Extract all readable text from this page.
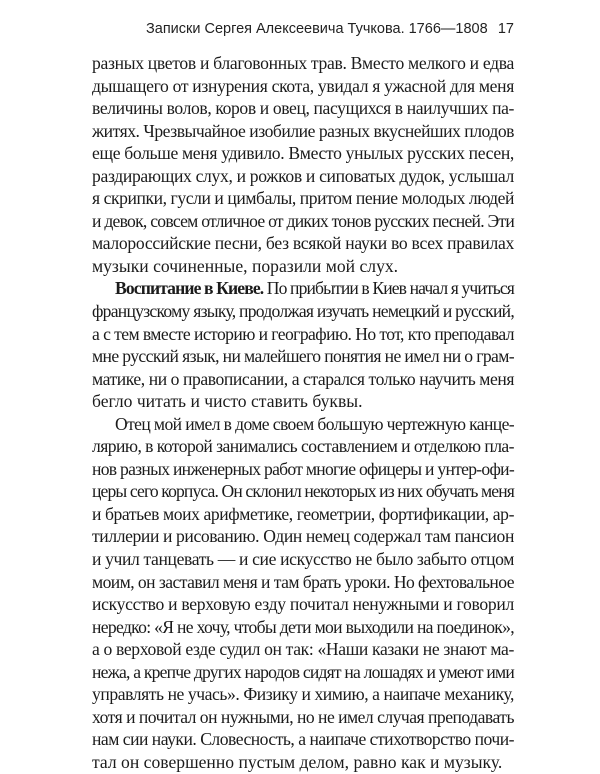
Записки Сергея Алексеевича Тучкова. 1766—1808 17
разных цветов и благовонных трав. Вместо мелкого и едва
дышащего от изнурения скота, увидал я ужасной для меня
величины волов, коров и овец, пасущихся в наилучших па-
житях. Чрезвычайное изобилие разных вкуснейших плодов
еще больше меня удивило. Вместо унылых русских песен,
раздирающих слух, и рожков и сиповатых дудок, услышал
я скрипки, гусли и цимбалы, притом пение молодых людей
и девок, совсем отличное от диких тонов русских песней. Эти
малороссийские песни, без всякой науки во всех правилах
музыки сочиненные, поразили мой слух.
Воспитание в Киеве. По прибытии в Киев начал я учиться
французскому языку, продолжая изучать немецкий и русский,
а с тем вместе историю и географию. Но тот, кто преподавал
мне русский язык, ни малейшего понятия не имел ни о грам-
матике, ни о правописании, а старался только научить меня
бегло читать и чисто ставить буквы.
Отец мой имел в доме своем большую чертежную канце-
лярию, в которой занимались составлением и отделкою пла-
нов разных инженерных работ многие офицеры и унтер-офи-
церы сего корпуса. Он склонил некоторых из них обучать меня
и братьев моих арифметике, геометрии, фортификации, ар-
тиллерии и рисованию. Один немец содержал там пансион
и учил танцевать — и сие искусство не было забыто отцом
моим, он заставил меня и там брать уроки. Но фехтовальное
искусство и верховую езду почитал ненужными и говорил
нередко: «Я не хочу, чтобы дети мои выходили на поединок»,
а о верховой езде судил он так: «Наши казаки не знают ма-
нежа, а крепче других народов сидят на лошадях и умеют ими
управлять не учась». Физику и химию, а наипаче механику,
хотя и почитал он нужными, но не имел случая преподавать
нам сии науки. Словесность, а наипаче стихотворство почи-
тал он совершенно пустым делом, равно как и музыку.
